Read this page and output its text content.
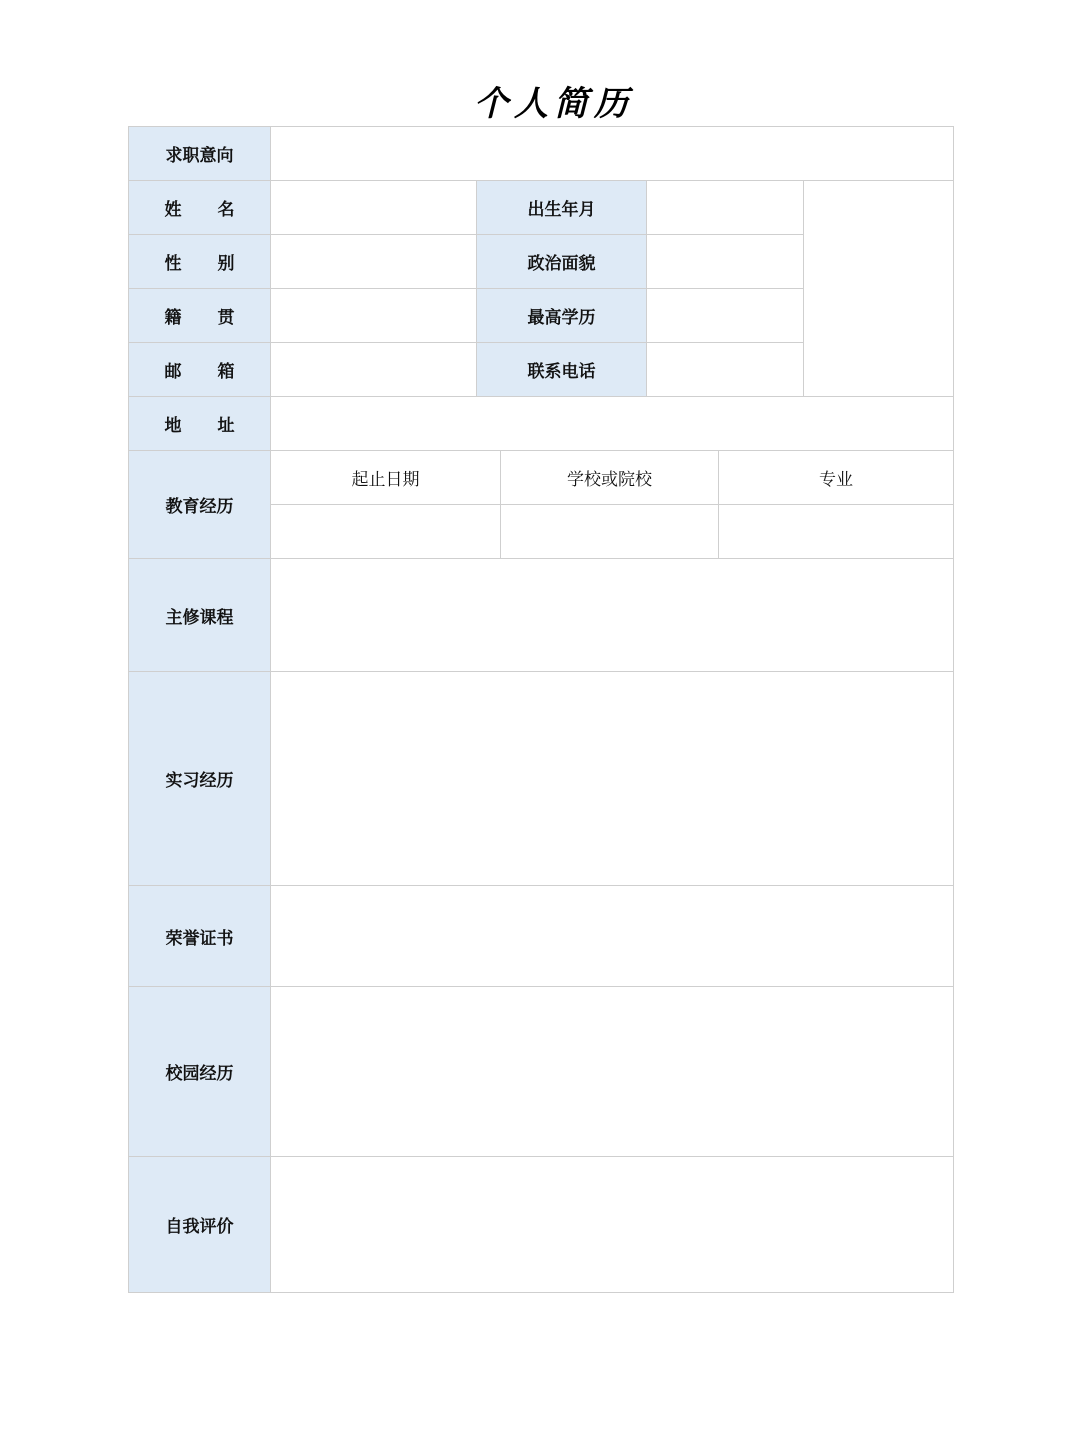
个人简历
求职意向						
姓　名		出生年月				
性　别		政治面貌				
籍　贯		最高学历				
邮　箱		联系电话				
地　址						
教育经历	起止日期		学校或院校		专业	

主修课程						
实习经历						
荣誉证书						
校园经历						
自我评价						
